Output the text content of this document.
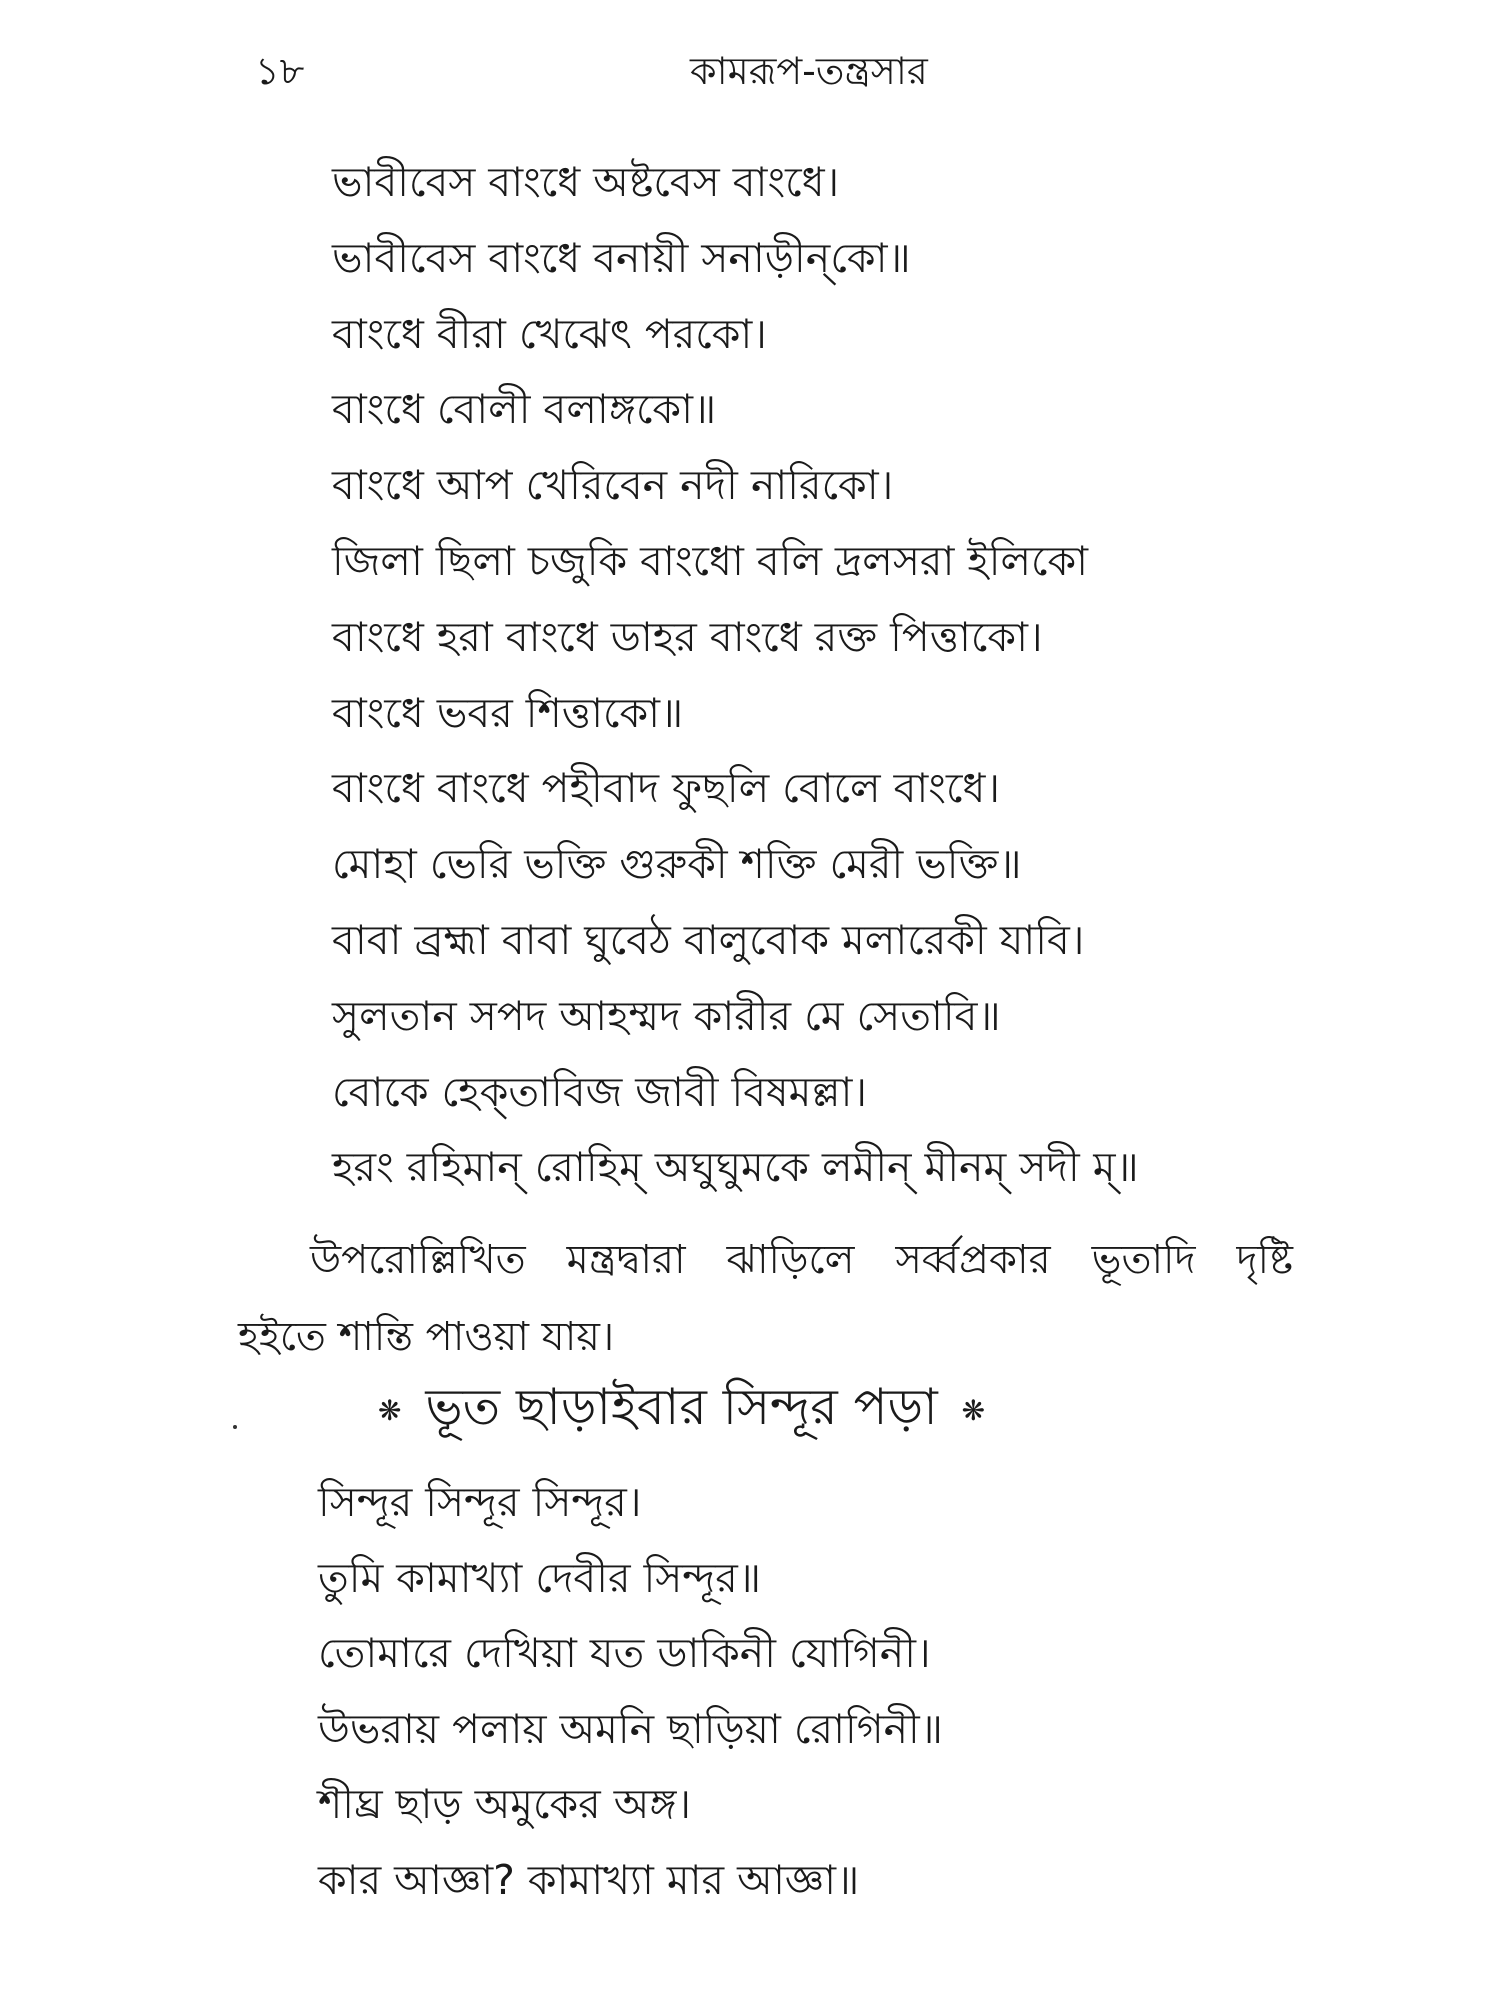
১৮	কামরূপ-তন্ত্রসার
ভাবীবেস বাংধে অষ্টবেস বাংধে।
ভাবীবেস বাংধে বনায়ী সনাড়ীন্‌কো॥
বাংধে বীরা খেঝেৎ পরকো।
বাংধে বোলী বলাঙ্গকো॥
বাংধে আপ খেরিবেন নদী নারিকো।
জিলা ছিলা চজুকি বাংধো বলি দ্রলসরা ইলিকো
বাংধে হরা বাংধে ডাহর বাংধে রক্ত পিত্তাকো।
বাংধে ভবর শিত্তাকো॥
বাংধে বাংধে পহীবাদ ফুছলি বোলে বাংধে।
মোহা ভেরি ভক্তি গুরুকী শক্তি মেরী ভক্তি॥
বাবা ব্রহ্মা বাবা ঘুবেঠ বালুবোক মলারেকী যাবি।
সুলতান সপদ আহম্মদ কারীর মে সেতাবি॥
বোকে হেক্‌তাবিজ জাবী বিষমল্লা।
হরং রহিমান্‌ রোহিম্‌ অঘুঘুমকে লমীন্‌ মীনম্‌ সদী ম্‌॥

উপরোল্লিখিত মন্ত্রদ্বারা ঝাড়িলে সর্ব্বপ্রকার ভূতাদি দৃষ্টি
হইতে শান্তি পাওয়া যায়।

❋ ভূত ছাড়াইবার সিন্দূর পড়া ❋
সিন্দূর সিন্দূর সিন্দূর।
তুমি কামাখ্যা দেবীর সিন্দূর॥
তোমারে দেখিয়া যত ডাকিনী যোগিনী।
উভরায় পলায় অমনি ছাড়িয়া রোগিনী॥
শীঘ্র ছাড় অমুকের অঙ্গ।
কার আজ্ঞা? কামাখ্যা মার আজ্ঞা॥
